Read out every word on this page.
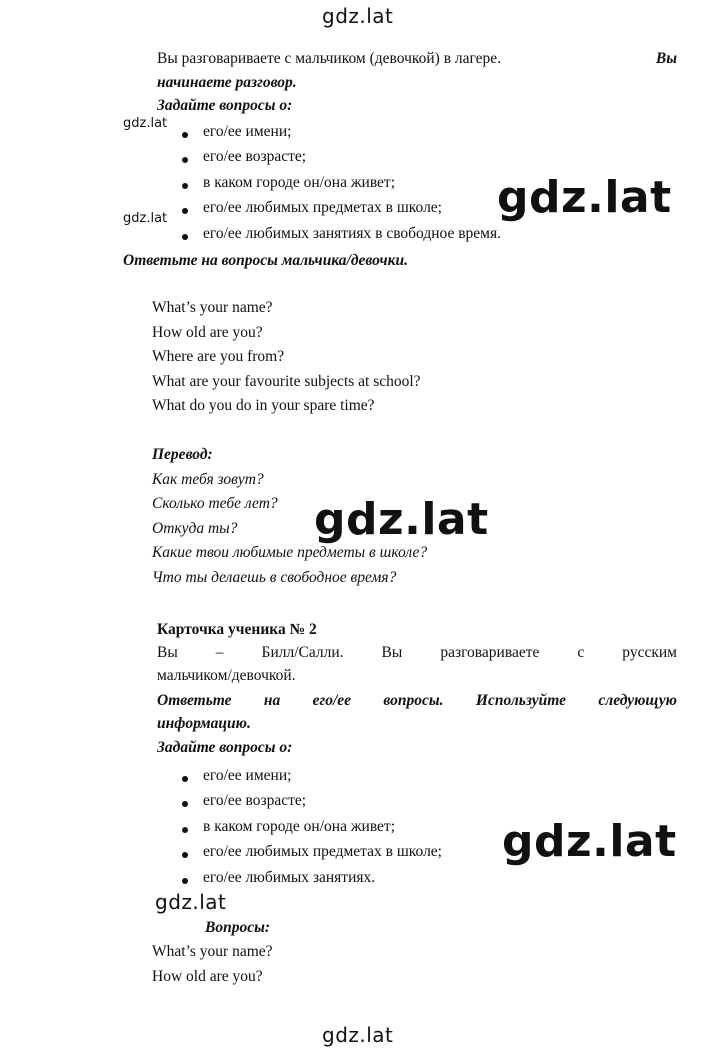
gdz.lat
gdz.lat
gdz.lat	gdz.lat
gdz.lat
gdz.lat
gdz.lat
gdz.lat
Вы разговариваете с мальчиком (девочкой) в лагере.	Вы
начинаете разговор.
Задайте вопросы о:
его/ее имени;
его/ее возрасте;
в каком городе он/она живет;
его/ее любимых предметах в школе;
его/ее любимых занятиях в свободное время.
Ответьте на вопросы мальчика/девочки.
What’s your name?
How old are you?
Where are you from?
What are your favourite subjects at school?
What do you do in your spare time?
Перевод:
Как тебя зовут?
Сколько тебе лет?
Откуда ты?
Какие твои любимые предметы в школе?
Что ты делаешь в свободное время?
Карточка ученика № 2
Вы – Билл/Салли. Вы разговариваете с русским
мальчиком/девочкой.
Ответьте на его/ее вопросы. Используйте следующую
информацию.
Задайте вопросы о:
его/ее имени;
его/ее возрасте;
в каком городе он/она живет;
его/ее любимых предметах в школе;
его/ее любимых занятиях.
Вопросы:
What’s your name?
How old are you?
